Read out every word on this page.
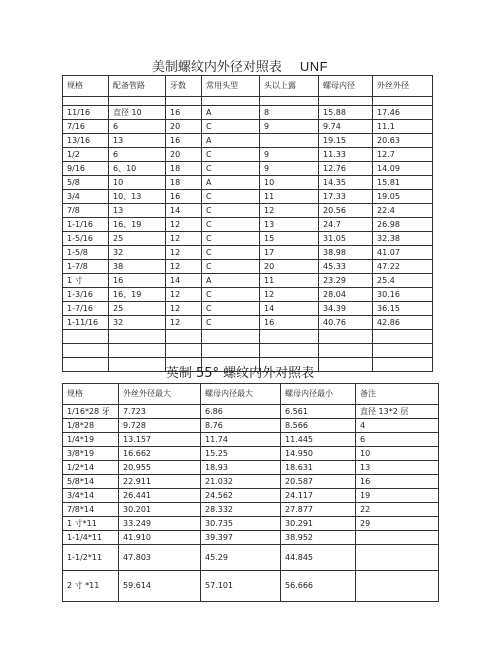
美制螺纹内外径对照表 UNF
规格	配备管路	牙数	常用头型	头以上露	螺母内径	外丝外径

11/16	直径 10	16	A	8	15.88	17.46
7/16	6	20	C	9	9.74	11.1
13/16	13	16	A		19.15	20.63
1/2	6	20	C	9	11.33	12.7
9/16	6、10	18	C	9	12.76	14.09
5/8	10	18	A	10	14.35	15.81
3/4	10、13	16	C	11	17.33	19.05
7/8	13	14	C	12	20.56	22.4
1-1/16	16、19	12	C	13	24.7	26.98
1-5/16	25	12	C	15	31.05	32.38
1-5/8	32	12	C	17	38.98	41.07
1-7/8	38	12	C	20	45.33	47.22
1 寸	16	14	A	11	23.29	25.4
1-3/16	16、19	12	C	12	28.04	30.16
1-7/16	25	12	C	14	34.39	36.15
1-11/16	32	12	C	16	40.76	42.86

英制 55° 螺纹内外对照表
规格	外丝外径最大	螺母内径最大	螺母内径最小	备注
1/16*28 牙	7.723	6.86	6.561	直径 13*2 层
1/8*28	9.728	8.76	8.566	4
1/4*19	13.157	11.74	11.445	6
3/8*19	16.662	15.25	14.950	10
1/2*14	20.955	18.93	18.631	13
5/8*14	22.911	21.032	20.587	16
3/4*14	26.441	24.562	24.117	19
7/8*14	30.201	28.332	27.877	22
1 寸*11	33.249	30.735	30.291	29
1-1/4*11	41.910	39.397	38.952	
1-1/2*11	47.803	45.29	44.845	
2 寸 *11	59.614	57.101	56.666	
